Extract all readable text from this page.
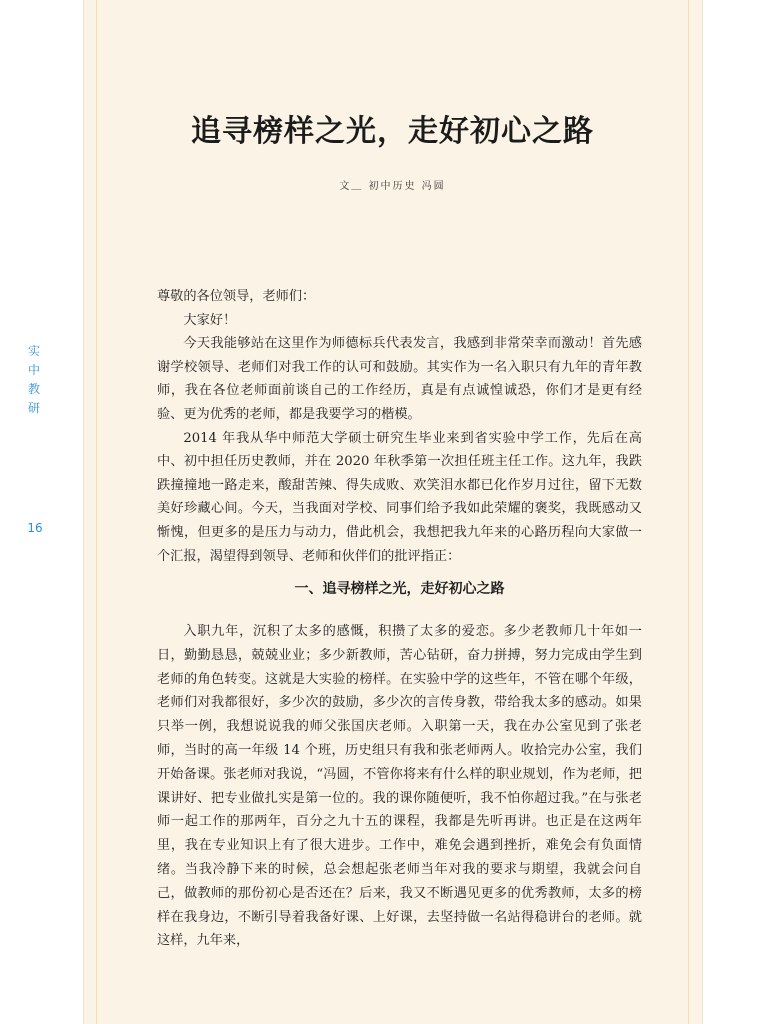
实
中
教
研
16
追寻榜样之光，走好初心之路
文＿ 初中历史 冯圆

尊敬的各位领导，老师们：

大家好！

今天我能够站在这里作为师德标兵代表发言，我感到非常荣幸而激动！首先感谢学校领导、老师们对我工作的认可和鼓励。其实作为一名入职只有九年的青年教师，我在各位老师面前谈自己的工作经历，真是有点诚惶诚恐，你们才是更有经验、更为优秀的老师，都是我要学习的楷模。

2014 年我从华中师范大学硕士研究生毕业来到省实验中学工作，先后在高中、初中担任历史教师，并在 2020 年秋季第一次担任班主任工作。这九年，我跌跌撞撞地一路走来，酸甜苦辣、得失成败、欢笑泪水都已化作岁月过往，留下无数美好珍藏心间。今天，当我面对学校、同事们给予我如此荣耀的褒奖，我既感动又惭愧，但更多的是压力与动力，借此机会，我想把我九年来的心路历程向大家做一个汇报，渴望得到领导、老师和伙伴们的批评指正：

一、追寻榜样之光，走好初心之路

入职九年，沉积了太多的感慨，积攒了太多的爱恋。多少老教师几十年如一日，勤勤恳恳，兢兢业业；多少新教师，苦心钻研，奋力拼搏，努力完成由学生到老师的角色转变。这就是大实验的榜样。在实验中学的这些年，不管在哪个年级，老师们对我都很好，多少次的鼓励，多少次的言传身教，带给我太多的感动。如果只举一例，我想说说我的师父张国庆老师。入职第一天，我在办公室见到了张老师，当时的高一年级 14 个班，历史组只有我和张老师两人。收拾完办公室，我们开始备课。张老师对我说，“冯圆，不管你将来有什么样的职业规划，作为老师，把课讲好、把专业做扎实是第一位的。我的课你随便听，我不怕你超过我。”在与张老师一起工作的那两年，百分之九十五的课程，我都是先听再讲。也正是在这两年里，我在专业知识上有了很大进步。工作中，难免会遇到挫折，难免会有负面情绪。当我冷静下来的时候，总会想起张老师当年对我的要求与期望，我就会问自己，做教师的那份初心是否还在？后来，我又不断遇见更多的优秀教师，太多的榜样在我身边，不断引导着我备好课、上好课，去坚持做一名站得稳讲台的老师。就这样，九年来，
